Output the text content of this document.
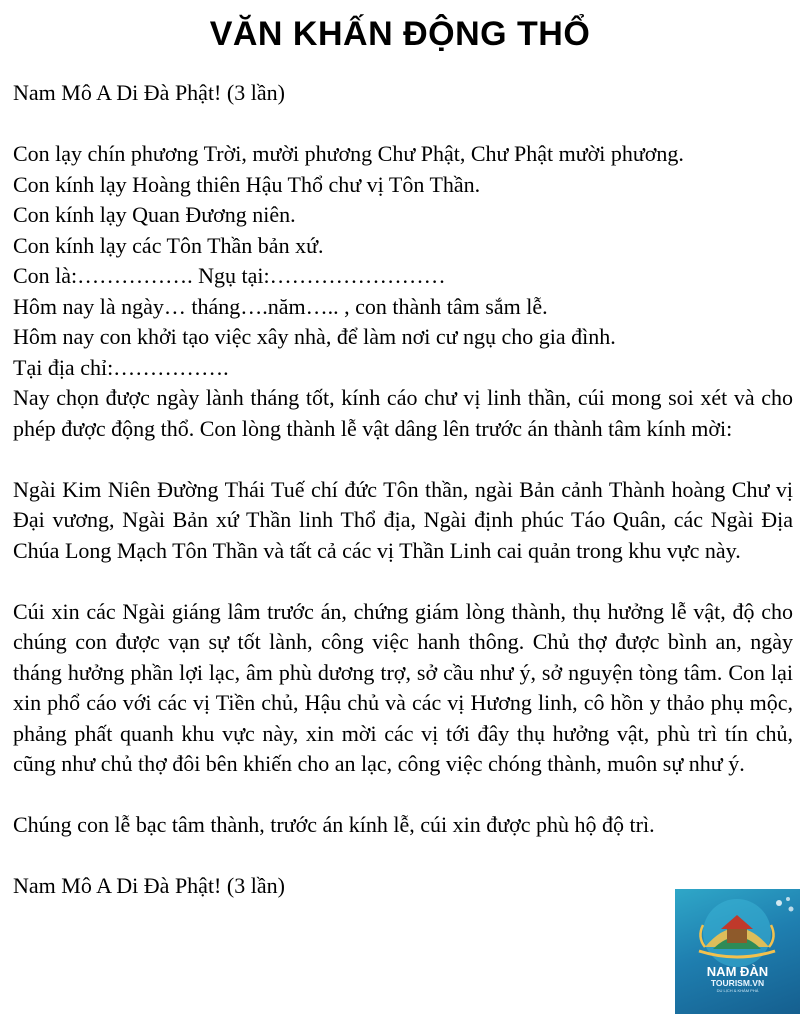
VĂN KHẤN ĐỘNG THỔ

Nam Mô A Di Đà Phật! (3 lần)

Con lạy chín phương Trời, mười phương Chư Phật, Chư Phật mười phương.

Con kính lạy Hoàng thiên Hậu Thổ chư vị Tôn Thần.

Con kính lạy Quan Đương niên.

Con kính lạy các Tôn Thần bản xứ.

Con là:……………. Ngụ tại:……………………

Hôm nay là ngày… tháng….năm….. , con thành tâm sắm lễ.

Hôm nay con khởi tạo việc xây nhà, để làm nơi cư ngụ cho gia đình.

Tại địa chỉ:…………….

Nay chọn được ngày lành tháng tốt, kính cáo chư vị linh thần, cúi mong soi xét và cho phép được động thổ. Con lòng thành lễ vật dâng lên trước án thành tâm kính mời:

Ngài Kim Niên Đường Thái Tuế chí đức Tôn thần, ngài Bản cảnh Thành hoàng Chư vị Đại vương, Ngài Bản xứ Thần linh Thổ địa, Ngài định phúc Táo Quân, các Ngài Địa Chúa Long Mạch Tôn Thần và tất cả các vị Thần Linh cai quản trong khu vực này.

Cúi xin các Ngài giáng lâm trước án, chứng giám lòng thành, thụ hưởng lễ vật, độ cho chúng con được vạn sự tốt lành, công việc hanh thông. Chủ thợ được bình an, ngày tháng hưởng phần lợi lạc, âm phù dương trợ, sở cầu như ý, sở nguyện tòng tâm. Con lại xin phổ cáo với các vị Tiền chủ, Hậu chủ và các vị Hương linh, cô hồn y thảo phụ mộc, phảng phất quanh khu vực này, xin mời các vị tới đây thụ hưởng vật, phù trì tín chủ, cũng như chủ thợ đôi bên khiến cho an lạc, công việc chóng thành, muôn sự như ý.

Chúng con lễ bạc tâm thành, trước án kính lễ, cúi xin được phù hộ độ trì.

Nam Mô A Di Đà Phật! (3 lần)

NAM ĐÀN
TOURISM.VN
DU LỊCH & KHÁM PHÁ
